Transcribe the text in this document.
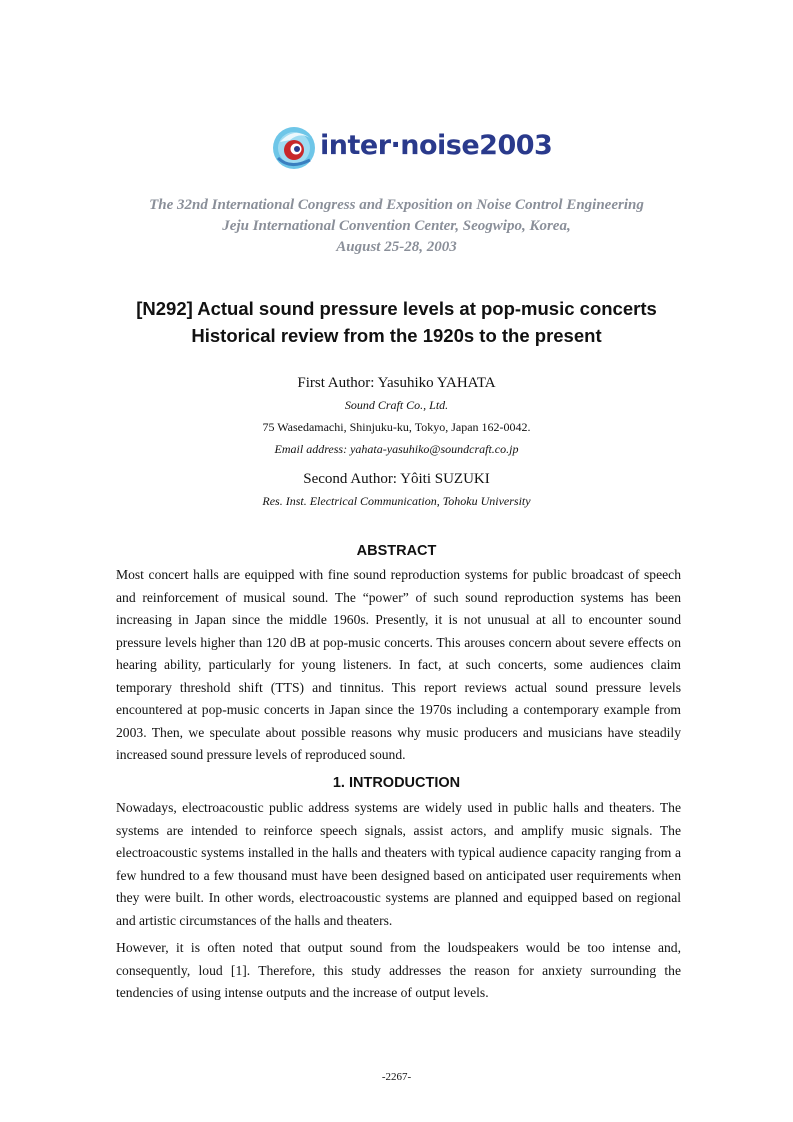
inter·noise2003
The 32nd International Congress and Exposition on Noise Control Engineering
Jeju International Convention Center, Seogwipo, Korea,
August 25-28, 2003
[N292] Actual sound pressure levels at pop-music concerts
Historical review from the 1920s to the present
First Author: Yasuhiko YAHATA
Sound Craft Co., Ltd.
75 Wasedamachi, Shinjuku-ku, Tokyo, Japan 162-0042.
Email address: yahata-yasuhiko@soundcraft.co.jp
Second Author: Yôiti SUZUKI
Res. Inst. Electrical Communication, Tohoku University
ABSTRACT

Most concert halls are equipped with fine sound reproduction systems for public broadcast of speech and reinforcement of musical sound. The “power” of such sound reproduction systems has been increasing in Japan since the middle 1960s. Presently, it is not unusual at all to encounter sound pressure levels higher than 120 dB at pop-music concerts. This arouses concern about severe effects on hearing ability, particularly for young listeners. In fact, at such concerts, some audiences claim temporary threshold shift (TTS) and tinnitus. This report reviews actual sound pressure levels encountered at pop-music concerts in Japan since the 1970s including a contemporary example from 2003. Then, we speculate about possible reasons why music producers and musicians have steadily increased sound pressure levels of reproduced sound.

1. INTRODUCTION

Nowadays, electroacoustic public address systems are widely used in public halls and theaters. The systems are intended to reinforce speech signals, assist actors, and amplify music signals. The electroacoustic systems installed in the halls and theaters with typical audience capacity ranging from a few hundred to a few thousand must have been designed based on anticipated user requirements when they were built. In other words, electroacoustic systems are planned and equipped based on regional and artistic circumstances of the halls and theaters.

However, it is often noted that output sound from the loudspeakers would be too intense and, consequently, loud [1]. Therefore, this study addresses the reason for anxiety surrounding the tendencies of using intense outputs and the increase of output levels.

-2267-
